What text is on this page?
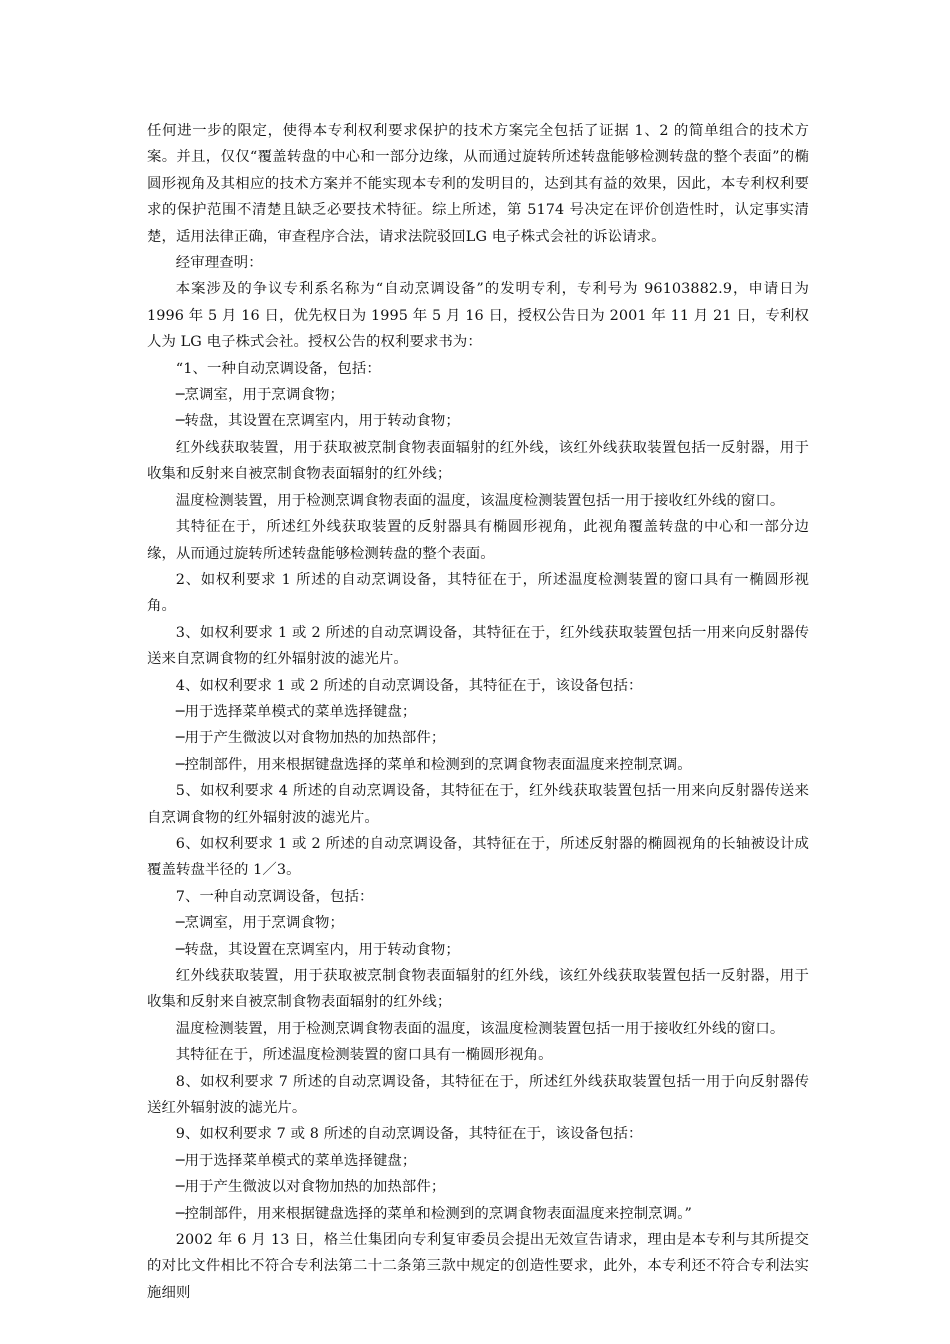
任何进一步的限定，使得本专利权利要求保护的技术方案完全包括了证据 1、2 的简单组合的技术方案。并且，仅仅“覆盖转盘的中心和一部分边缘，从而通过旋转所述转盘能够检测转盘的整个表面”的椭圆形视角及其相应的技术方案并不能实现本专利的发明目的，达到其有益的效果，因此，本专利权利要求的保护范围不清楚且缺乏必要技术特征。综上所述，第 5174 号决定在评价创造性时，认定事实清楚，适用法律正确，审查程序合法，请求法院驳回LG 电子株式会社的诉讼请求。

经审理查明：

本案涉及的争议专利系名称为“自动烹调设备”的发明专利，专利号为 96103882.9，申请日为 1996 年 5 月 16 日，优先权日为 1995 年 5 月 16 日，授权公告日为 2001 年 11 月 21 日，专利权人为 LG 电子株式会社。授权公告的权利要求书为：

“1、一种自动烹调设备，包括：

─烹调室，用于烹调食物；

─转盘，其设置在烹调室内，用于转动食物；

红外线获取装置，用于获取被烹制食物表面辐射的红外线，该红外线获取装置包括一反射器，用于收集和反射来自被烹制食物表面辐射的红外线；

温度检测装置，用于检测烹调食物表面的温度，该温度检测装置包括一用于接收红外线的窗口。

其特征在于，所述红外线获取装置的反射器具有椭圆形视角，此视角覆盖转盘的中心和一部分边缘，从而通过旋转所述转盘能够检测转盘的整个表面。

2、如权利要求 1 所述的自动烹调设备，其特征在于，所述温度检测装置的窗口具有一椭圆形视角。

3、如权利要求 1 或 2 所述的自动烹调设备，其特征在于，红外线获取装置包括一用来向反射器传送来自烹调食物的红外辐射波的滤光片。

4、如权利要求 1 或 2 所述的自动烹调设备，其特征在于，该设备包括：

─用于选择菜单模式的菜单选择键盘；

─用于产生微波以对食物加热的加热部件；

─控制部件，用来根据键盘选择的菜单和检测到的烹调食物表面温度来控制烹调。

5、如权利要求 4 所述的自动烹调设备，其特征在于，红外线获取装置包括一用来向反射器传送来自烹调食物的红外辐射波的滤光片。

6、如权利要求 1 或 2 所述的自动烹调设备，其特征在于，所述反射器的椭圆视角的长轴被设计成覆盖转盘半径的 1／3。

7、一种自动烹调设备，包括：

─烹调室，用于烹调食物；

─转盘，其设置在烹调室内，用于转动食物；

红外线获取装置，用于获取被烹制食物表面辐射的红外线，该红外线获取装置包括一反射器，用于收集和反射来自被烹制食物表面辐射的红外线；

温度检测装置，用于检测烹调食物表面的温度，该温度检测装置包括一用于接收红外线的窗口。

其特征在于，所述温度检测装置的窗口具有一椭圆形视角。

8、如权利要求 7 所述的自动烹调设备，其特征在于，所述红外线获取装置包括一用于向反射器传送红外辐射波的滤光片。

9、如权利要求 7 或 8 所述的自动烹调设备，其特征在于，该设备包括：

─用于选择菜单模式的菜单选择键盘；

─用于产生微波以对食物加热的加热部件；

─控制部件，用来根据键盘选择的菜单和检测到的烹调食物表面温度来控制烹调。”

2002 年 6 月 13 日，格兰仕集团向专利复审委员会提出无效宣告请求，理由是本专利与其所提交的对比文件相比不符合专利法第二十二条第三款中规定的创造性要求，此外，本专利还不符合专利法实施细则
